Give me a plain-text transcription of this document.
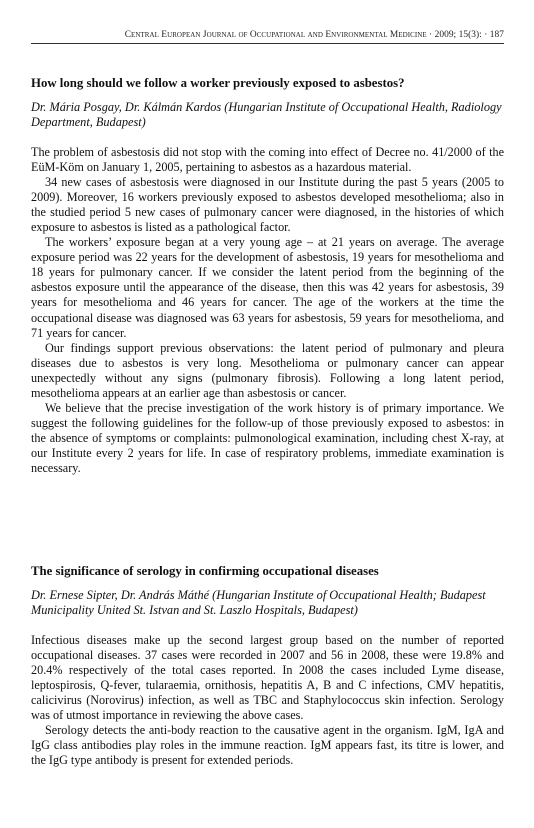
Central European Journal of Occupational and Environmental Medicine · 2009; 15(3): · 187
How long should we follow a worker previously exposed to asbestos?
Dr. Mária Posgay, Dr. Kálmán Kardos (Hungarian Institute of Occupational Health, Radiology Department, Budapest)

The problem of asbestosis did not stop with the coming into effect of Decree no. 41/2000 of the EüM-Köm on January 1, 2005, pertaining to asbestos as a hazardous material.

34 new cases of asbestosis were diagnosed in our Institute during the past 5 years (2005 to 2009). Moreover, 16 workers previously exposed to asbestos developed mesothelioma; also in the studied period 5 new cases of pulmonary cancer were diagnosed, in the histories of which exposure to asbestos is listed as a pathological factor.

The workers’ exposure began at a very young age – at 21 years on average. The average exposure period was 22 years for the development of asbestosis, 19 years for mesothelioma and 18 years for pulmonary cancer. If we consider the latent period from the beginning of the asbestos exposure until the appearance of the disease, then this was 42 years for asbestosis, 39 years for mesothelioma and 46 years for cancer. The age of the workers at the time the occupational disease was diagnosed was 63 years for asbestosis, 59 years for mesothelioma, and 71 years for cancer.

Our findings support previous observations: the latent period of pulmonary and pleura diseases due to asbestos is very long. Mesothelioma or pulmonary cancer can appear unexpectedly without any signs (pulmonary fibrosis). Following a long latent period, mesothelioma appears at an earlier age than asbestosis or cancer.

We believe that the precise investigation of the work history is of primary importance. We suggest the following guidelines for the follow-up of those previously exposed to asbestos: in the absence of symptoms or complaints: pulmonological examination, including chest X-ray, at our Institute every 2 years for life. In case of respiratory problems, immediate examination is necessary.

The significance of serology in confirming occupational diseases
Dr. Ernese Sipter, Dr. András Máthé (Hungarian Institute of Occupational Health; Budapest Municipality United St. Istvan and St. Laszlo Hospitals, Budapest)

Infectious diseases make up the second largest group based on the number of reported occupational diseases. 37 cases were recorded in 2007 and 56 in 2008, these were 19.8% and 20.4% respectively of the total cases reported. In 2008 the cases included Lyme disease, leptospirosis, Q-fever, tularaemia, ornithosis, hepatitis A, B and C infections, CMV hepatitis, calicivirus (Norovirus) infection, as well as TBC and Staphylococcus skin infection. Serology was of utmost importance in reviewing the above cases.

Serology detects the anti-body reaction to the causative agent in the organism. IgM, IgA and IgG class antibodies play roles in the immune reaction. IgM appears fast, its titre is lower, and the IgG type antibody is present for extended periods.
